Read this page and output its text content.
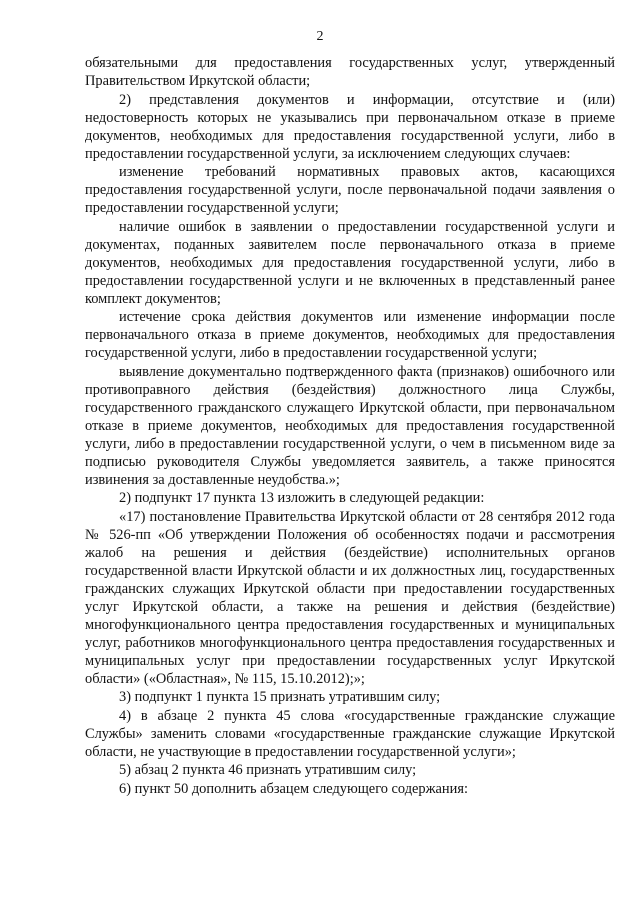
2

обязательными для предоставления государственных услуг, утвержденный Правительством Иркутской области;

2) представления документов и информации, отсутствие и (или) недостоверность которых не указывались при первоначальном отказе в приеме документов, необходимых для предоставления государственной услуги, либо в предоставлении государственной услуги, за исключением следующих случаев:

изменение требований нормативных правовых актов, касающихся предоставления государственной услуги, после первоначальной подачи заявления о предоставлении государственной услуги;

наличие ошибок в заявлении о предоставлении государственной услуги и документах, поданных заявителем после первоначального отказа в приеме документов, необходимых для предоставления государственной услуги, либо в предоставлении государственной услуги и не включенных в представленный ранее комплект документов;

истечение срока действия документов или изменение информации после первоначального отказа в приеме документов, необходимых для предоставления государственной услуги, либо в предоставлении государственной услуги;

выявление документально подтвержденного факта (признаков) ошибочного или противоправного действия (бездействия) должностного лица Службы, государственного гражданского служащего Иркутской области, при первоначальном отказе в приеме документов, необходимых для предоставления государственной услуги, либо в предоставлении государственной услуги, о чем в письменном виде за подписью руководителя Службы уведомляется заявитель, а также приносятся извинения за доставленные неудобства.»;

2) подпункт 17 пункта 13 изложить в следующей редакции:

«17) постановление Правительства Иркутской области от 28 сентября 2012 года № 526-пп «Об утверждении Положения об особенностях подачи и рассмотрения жалоб на решения и действия (бездействие) исполнительных органов государственной власти Иркутской области и их должностных лиц, государственных гражданских служащих Иркутской области при предоставлении государственных услуг Иркутской области, а также на решения и действия (бездействие) многофункционального центра предоставления государственных и муниципальных услуг, работников многофункционального центра предоставления государственных и муниципальных услуг при предоставлении государственных услуг Иркутской области» («Областная», № 115, 15.10.2012);»;

3) подпункт 1 пункта 15 признать утратившим силу;

4) в абзаце 2 пункта 45 слова «государственные гражданские служащие Службы» заменить словами «государственные гражданские служащие Иркутской области, не участвующие в предоставлении государственной услуги»;

5) абзац 2 пункта 46 признать утратившим силу;

6) пункт 50 дополнить абзацем следующего содержания:
